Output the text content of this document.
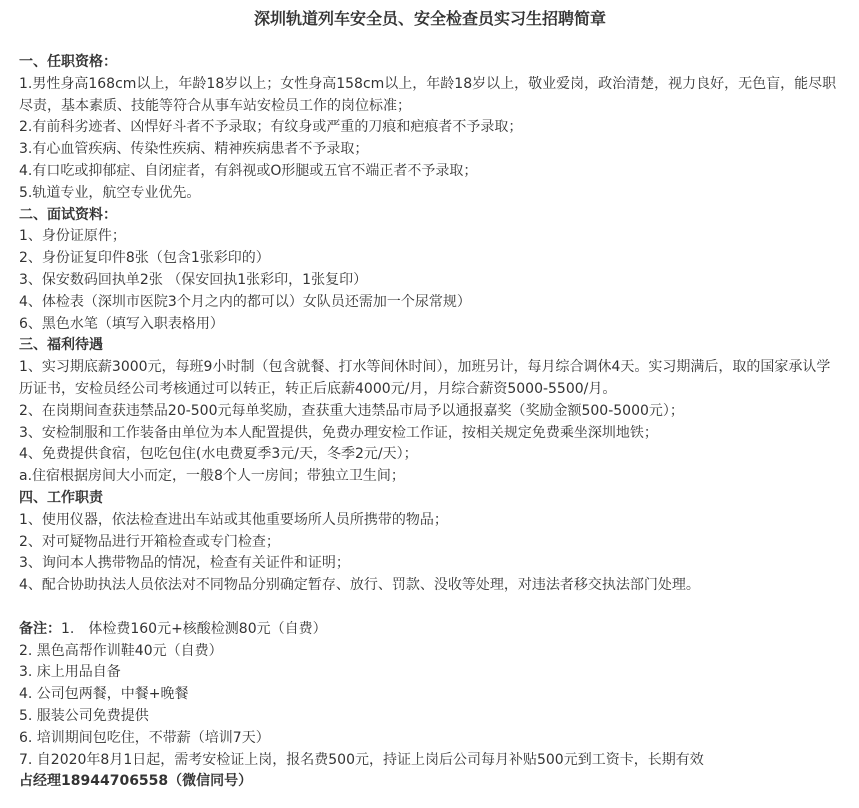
深圳轨道列车安全员、安全检查员实习生招聘简章
一、任职资格：
1.男性身高168cm以上，年龄18岁以上；女性身高158cm以上，年龄18岁以上，敬业爱岗，政治清楚，视力良好，无色盲，能尽职尽责，基本素质、技能等符合从事车站安检员工作的岗位标准；
2.有前科劣迹者、凶悍好斗者不予录取；有纹身或严重的刀痕和疤痕者不予录取；
3.有心血管疾病、传染性疾病、精神疾病患者不予录取；
4.有口吃或抑郁症、自闭症者，有斜视或O形腿或五官不端正者不予录取；
5.轨道专业，航空专业优先。
二、面试资料：
1、身份证原件；
2、身份证复印件8张（包含1张彩印的）
3、保安数码回执单2张 （保安回执1张彩印，1张复印）
4、体检表（深圳市医院3个月之内的都可以）女队员还需加一个尿常规）
6、黑色水笔（填写入职表格用）
三、福利待遇
1、实习期底薪3000元，每班9小时制（包含就餐、打水等间休时间），加班另计，每月综合调休4天。实习期满后，取的国家承认学历证书，安检员经公司考核通过可以转正，转正后底薪4000元/月，月综合薪资5000-5500/月。
2、在岗期间查获违禁品20-500元每单奖励，查获重大违禁品市局予以通报嘉奖（奖励金额500-5000元）；
3、安检制服和工作装备由单位为本人配置提供，免费办理安检工作证，按相关规定免费乘坐深圳地铁；
4、免费提供食宿，包吃包住(水电费夏季3元/天，冬季2元/天）；
a.住宿根据房间大小而定，一般8个人一房间；带独立卫生间；
四、工作职责
1、使用仪器，依法检查进出车站或其他重要场所人员所携带的物品；
2、对可疑物品进行开箱检查或专门检查；
3、询问本人携带物品的情况，检查有关证件和证明；
4、配合协助执法人员依法对不同物品分别确定暂存、放行、罚款、没收等处理，对违法者移交执法部门处理。
备注：1.　体检费160元+核酸检测80元（自费）
2. 黑色高帮作训鞋40元（自费）
3. 床上用品自备
4. 公司包两餐，中餐+晚餐
5. 服装公司免费提供
6. 培训期间包吃住，不带薪（培训7天）
7. 自2020年8月1日起，需考安检证上岗，报名费500元，持证上岗后公司每月补贴500元到工资卡，长期有效
占经理18944706558（微信同号）
